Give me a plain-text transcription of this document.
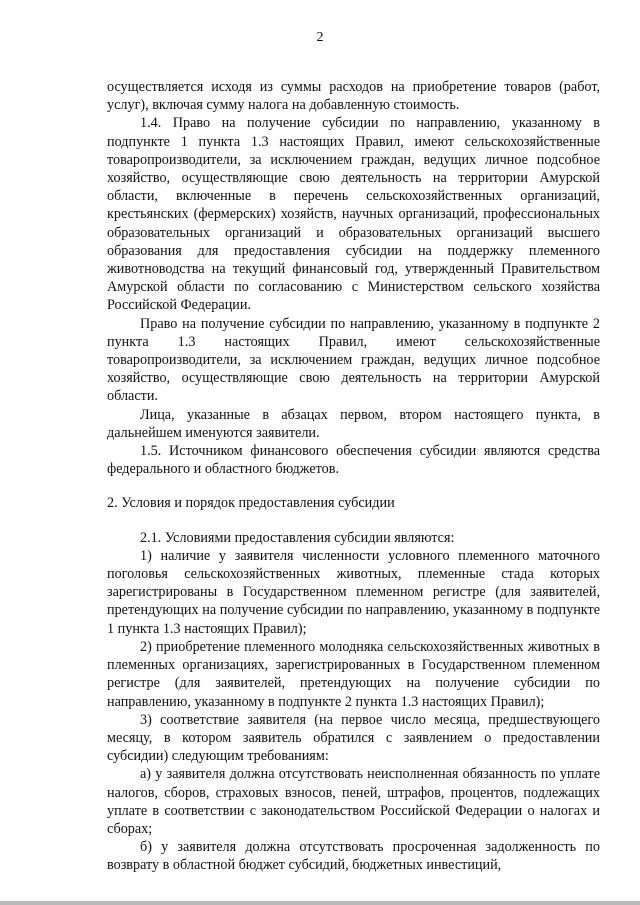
2

осуществляется исходя из суммы расходов на приобретение товаров (работ, услуг), включая сумму налога на добавленную стоимость.

1.4. Право на получение субсидии по направлению, указанному в подпункте 1 пункта 1.3 настоящих Правил, имеют сельскохозяйственные товаропроизводители, за исключением граждан, ведущих личное подсобное хозяйство, осуществляющие свою деятельность на территории Амурской области, включенные в перечень сельскохозяйственных организаций, крестьянских (фермерских) хозяйств, научных организаций, профессиональных образовательных организаций и образовательных организаций высшего образования для предоставления субсидии на поддержку племенного животноводства на текущий финансовый год, утвержденный Правительством Амурской области по согласованию с Министерством сельского хозяйства Российской Федерации.

Право на получение субсидии по направлению, указанному в подпункте 2 пункта 1.3 настоящих Правил, имеют сельскохозяйственные товаропроизводители, за исключением граждан, ведущих личное подсобное хозяйство, осуществляющие свою деятельность на территории Амурской области.

Лица, указанные в абзацах первом, втором настоящего пункта, в дальнейшем именуются заявители.

1.5. Источником финансового обеспечения субсидии являются средства федерального и областного бюджетов.

2. Условия и порядок предоставления субсидии

2.1. Условиями предоставления субсидии являются:

1) наличие у заявителя численности условного племенного маточного поголовья сельскохозяйственных животных, племенные стада которых зарегистрированы в Государственном племенном регистре (для заявителей, претендующих на получение субсидии по направлению, указанному в подпункте 1 пункта 1.3 настоящих Правил);

2) приобретение племенного молодняка сельскохозяйственных животных в племенных организациях, зарегистрированных в Государственном племенном регистре (для заявителей, претендующих на получение субсидии по направлению, указанному в подпункте 2 пункта 1.3 настоящих Правил);

3) соответствие заявителя (на первое число месяца, предшествующего месяцу, в котором заявитель обратился с заявлением о предоставлении субсидии) следующим требованиям:

а) у заявителя должна отсутствовать неисполненная обязанность по уплате налогов, сборов, страховых взносов, пеней, штрафов, процентов, подлежащих уплате в соответствии с законодательством Российской Федерации о налогах и сборах;

б) у заявителя должна отсутствовать просроченная задолженность по возврату в областной бюджет субсидий, бюджетных инвестиций,
